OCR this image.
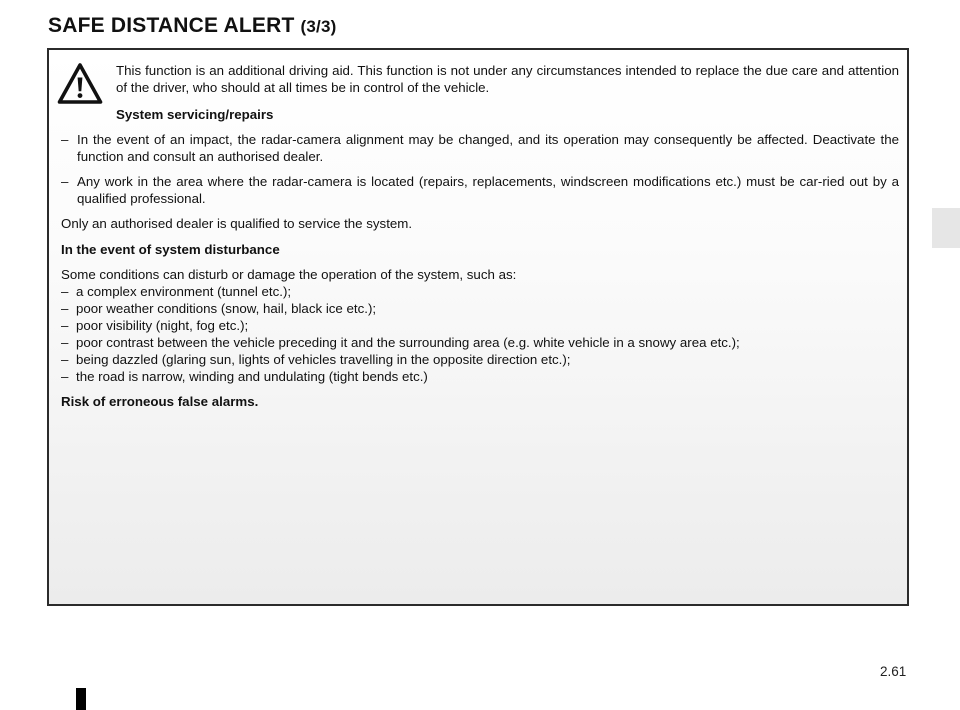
SAFE DISTANCE ALERT (3/3)

This function is an additional driving aid. This function is not under any circumstances intended to replace the due care and attention of the driver, who should at all times be in control of the vehicle.

System servicing/repairs

– In the event of an impact, the radar-camera alignment may be changed, and its operation may consequently be affected. Deactivate the function and consult an authorised dealer.
– Any work in the area where the radar-camera is located (repairs, replacements, windscreen modifications etc.) must be car-ried out by a qualified professional.

Only an authorised dealer is qualified to service the system.

In the event of system disturbance

Some conditions can disturb or damage the operation of the system, such as:

– a complex environment (tunnel etc.);
– poor weather conditions (snow, hail, black ice etc.);
– poor visibility (night, fog etc.);
– poor contrast between the vehicle preceding it and the surrounding area (e.g. white vehicle in a snowy area etc.);
– being dazzled (glaring sun, lights of vehicles travelling in the opposite direction etc.);
– the road is narrow, winding and undulating (tight bends etc.)

Risk of erroneous false alarms.

2.61
